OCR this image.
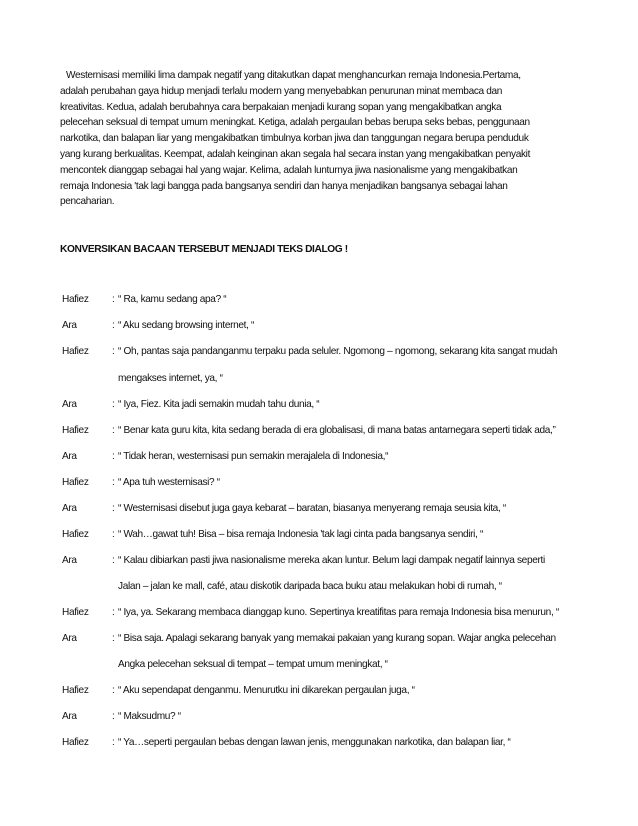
Westernisasi memiliki lima dampak negatif yang ditakutkan dapat menghancurkan remaja Indonesia.Pertama,
adalah perubahan gaya hidup menjadi terlalu modern yang menyebabkan penurunan minat membaca dan
kreativitas. Kedua, adalah berubahnya cara berpakaian menjadi kurang sopan yang mengakibatkan angka
pelecehan seksual di tempat umum meningkat. Ketiga, adalah pergaulan bebas berupa seks bebas, penggunaan
narkotika, dan balapan liar yang mengakibatkan timbulnya korban jiwa dan tanggungan negara berupa penduduk
yang kurang berkualitas. Keempat, adalah keinginan akan segala hal secara instan yang mengakibatkan penyakit
mencontek dianggap sebagai hal yang wajar. Kelima, adalah lunturnya jiwa nasionalisme yang mengakibatkan
remaja Indonesia 'tak lagi bangga pada bangsanya sendiri dan hanya menjadikan bangsanya sebagai lahan
pencaharian.

KONVERSIKAN BACAAN TERSEBUT MENJADI TEKS DIALOG !

Hafiez : “ Ra, kamu sedang apa? “
Ara	: “ Aku sedang browsing internet, “
Hafiez : “ Oh, pantas saja pandanganmu terpaku pada seluler. Ngomong – ngomong, sekarang kita sangat mudah
mengakses internet, ya, “
Ara	: “ Iya, Fiez. Kita jadi semakin mudah tahu dunia, “
Hafiez : “ Benar kata guru kita, kita sedang berada di era globalisasi, di mana batas antarnegara seperti tidak ada,”
Ara	: “ Tidak heran, westernisasi pun semakin merajalela di Indonesia,“
Hafiez : “ Apa tuh westernisasi? “
Ara	: “ Westernisasi disebut juga gaya kebarat – baratan, biasanya menyerang remaja seusia kita, “
Hafiez : “ Wah…gawat tuh! Bisa – bisa remaja Indonesia 'tak lagi cinta pada bangsanya sendiri, “
Ara	: “ Kalau dibiarkan pasti jiwa nasionalisme mereka akan luntur. Belum lagi dampak negatif lainnya seperti
Jalan – jalan ke mall, café, atau diskotik daripada baca buku atau melakukan hobi di rumah, “
Hafiez : “ Iya, ya. Sekarang membaca dianggap kuno. Sepertinya kreatifitas para remaja Indonesia bisa menurun, “
Ara	: “ Bisa saja. Apalagi sekarang banyak yang memakai pakaian yang kurang sopan. Wajar angka pelecehan
Angka pelecehan seksual di tempat – tempat umum meningkat, “
Hafiez : “ Aku sependapat denganmu. Menurutku ini dikarekan pergaulan juga, “
Ara	: “ Maksudmu? “
Hafiez : “ Ya…seperti pergaulan bebas dengan lawan jenis, menggunakan narkotika, dan balapan liar, “
